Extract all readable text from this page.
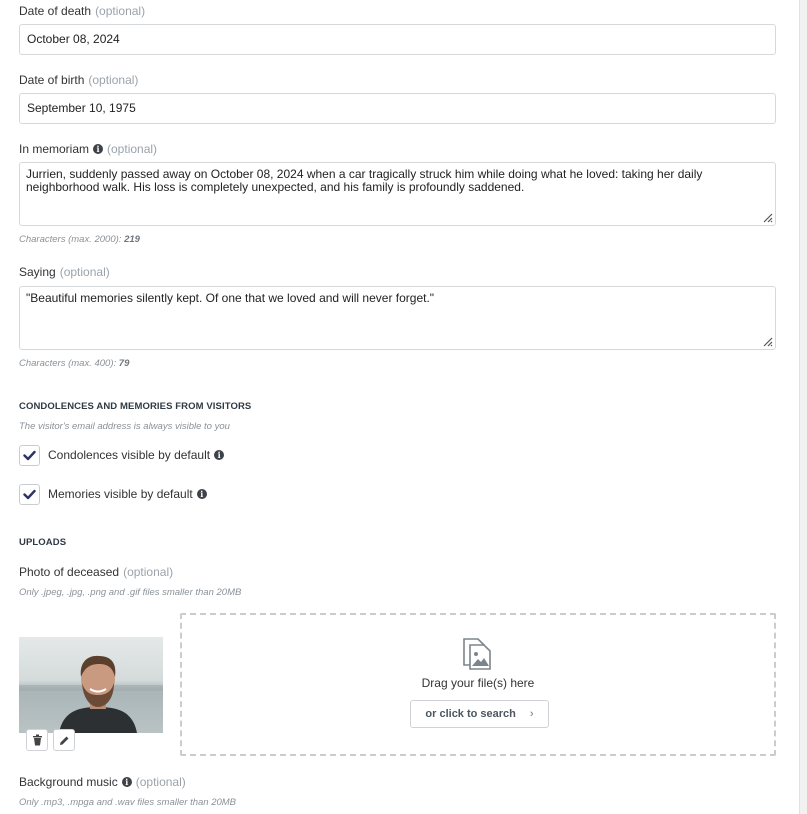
Date of death (optional)
October 08, 2024
Date of birth (optional)
September 10, 1975
In memoriam i (optional)
Jurrien, suddenly passed away on October 08, 2024 when a car tragically struck him while doing what he loved: taking her daily neighborhood walk. His loss is completely unexpected, and his family is profoundly saddened.
Characters (max. 2000): 219
Saying (optional)
"Beautiful memories silently kept. Of one that we loved and will never forget."
Characters (max. 400): 79
CONDOLENCES AND MEMORIES FROM VISITORS
The visitor's email address is always visible to you
Condolences visible by default i
Memories visible by default i
UPLOADS
Photo of deceased (optional)
Only .jpeg, .jpg, .png and .gif files smaller than 20MB
Drag your file(s) here
or click to search ›
Background music i (optional)
Only .mp3, .mpga and .wav files smaller than 20MB
